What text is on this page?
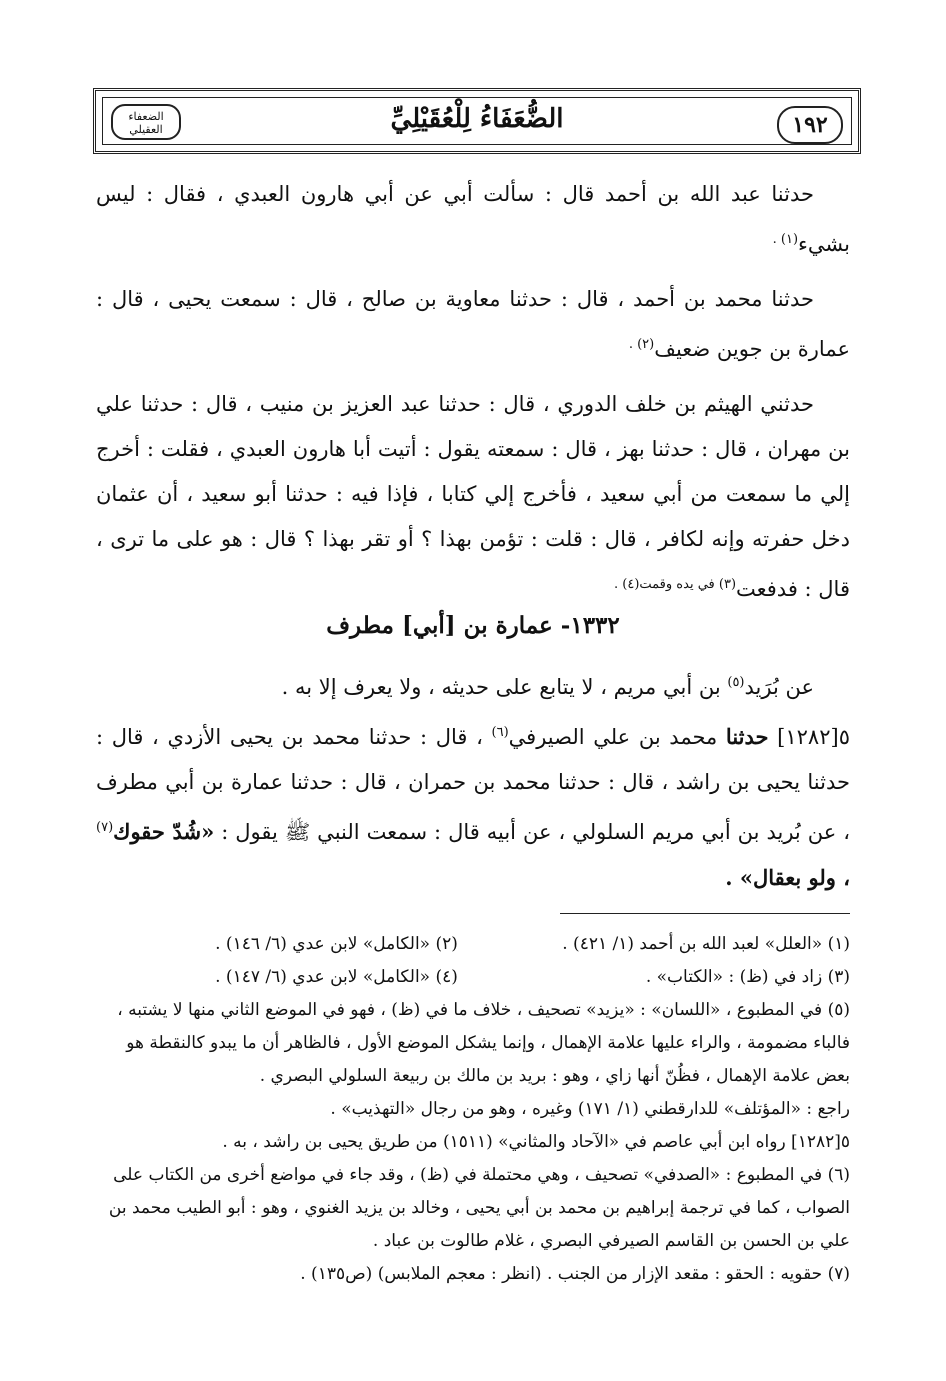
١٩٢
الضُّعَفَاءُ لِلْعُقَيْلِيِّ
الضعفاء العقيلي

حدثنا عبد الله بن أحمد قال : سألت أبي عن أبي هارون العبدي ، فقال : ليس بشيء$^{(١) .}$

حدثنا محمد بن أحمد ، قال : حدثنا معاوية بن صالح ، قال : سمعت يحيى ، قال : عمارة بن جوين ضعيف$^{(٢) .}$

حدثني الهيثم بن خلف الدوري ، قال : حدثنا عبد العزيز بن منيب ، قال : حدثنا علي بن مهران ، قال : حدثنا بهز ، قال : سمعته يقول : أتيت أبا هارون العبدي ، فقلت : أخرج إلي ما سمعت من أبي سعيد ، فأخرج إلي كتابا ، فإذا فيه : حدثنا أبو سعيد ، أن عثمان دخل حفرته وإنه لكافر ، قال : قلت : تؤمن بهذا ؟ أو تقر بهذا ؟ قال : هو على ما ترى ، قال : فدفعت$^{(٣) في يده وقمت(٤) .}$

١٣٣٢- عمارة بن [أبي] مطرف

عن بُرَيد$^{(٥)}$ بن أبي مريم ، لا يتابع على حديثه ، ولا يعرف إلا به .

٥[١٢٨٢] حدثنا محمد بن علي الصيرفي$^{(٦)}$ ، قال : حدثنا محمد بن يحيى الأزدي ، قال : حدثنا يحيى بن راشد ، قال : حدثنا محمد بن حمران ، قال : حدثنا عمارة بن أبي مطرف ، عن بُريد بن أبي مريم السلولي ، عن أبيه قال : سمعت النبي ﷺ يقول : «شُدّ حقوك$^{(٧)}$ ، ولو بعقال» .

(١) «العلل» لعبد الله بن أحمد (١/ ٤٢١) .
(٢) «الكامل» لابن عدي (٦/ ١٤٦) .

(٣) زاد في (ظ) : «الكتاب» .
(٤) «الكامل» لابن عدي (٦/ ١٤٧) .

(٥) في المطبوع ، «اللسان» : «يزيد» تصحيف ، خلاف ما في (ظ) ، فهو في الموضع الثاني منها لا يشتبه ، فالباء مضمومة ، والراء عليها علامة الإهمال ، وإنما يشكل الموضع الأول ، فالظاهر أن ما يبدو كالنقطة هو بعض علامة الإهمال ، فظُنّ أنها زاي ، وهو : بريد بن مالك بن ربيعة السلولي البصري .

راجع : «المؤتلف» للدارقطني (١/ ١٧١) وغيره ، وهو من رجال «التهذيب» .

٥[١٢٨٢] رواه ابن أبي عاصم في «الآحاد والمثاني» (١٥١١) من طريق يحيى بن راشد ، به .

(٦) في المطبوع : «الصدفي» تصحيف ، وهي محتملة في (ظ) ، وقد جاء في مواضع أخرى من الكتاب على الصواب ، كما في ترجمة إبراهيم بن محمد بن أبي يحيى ، وخالد بن يزيد الغنوي ، وهو : أبو الطيب محمد بن علي بن الحسن بن القاسم الصيرفي البصري ، غلام طالوت بن عباد .

(٧) حقويه : الحقو : مقعد الإزار من الجنب . (انظر : معجم الملابس) (ص١٣٥) .
